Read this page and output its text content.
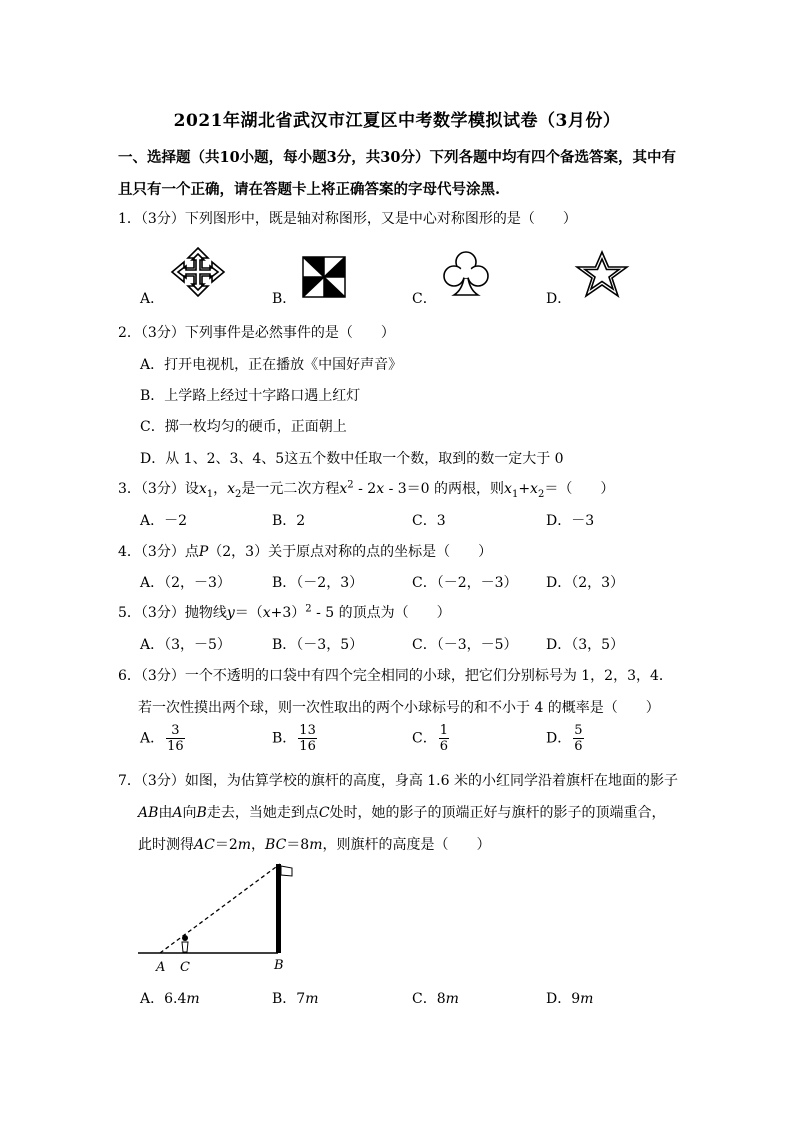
2021年湖北省武汉市江夏区中考数学模拟试卷（3月份）
一、选择题（共10小题，每小题3分，共30分）下列各题中均有四个备选答案，其中有
且只有一个正确，请在答题卡上将正确答案的字母代号涂黑.
1．（3分）下列图形中，既是轴对称图形，又是中心对称图形的是（　　）
A．	B．	C．	D．
2．（3分）下列事件是必然事件的是（　　）
A．打开电视机，正在播放《中国好声音》
B．上学路上经过十字路口遇上红灯
C．掷一枚均匀的硬币，正面朝上
D．从 1、2、3、4、5这五个数中任取一个数，取到的数一定大于 0
3．（3分）设$x_1$，$x_2$是一元二次方程$x^2 - 2x - 3=0$ 的两根，则$x_1+x_2=$（　　）
A．－2	B．2	C．3	D．－3
4．（3分）点P（2，3）关于原点对称的点的坐标是（　　）
A．（2，－3）	B．（－2，3）	C．（－2，－3） D．（2，3）
5．（3分）抛物线$y=(x+3)^2 - 5$ 的顶点为（　　）
A．（3，－5）	B．（－3，5）	C．（－3，－5） D．（3，5）
6．（3分）一个不透明的口袋中有四个完全相同的小球，把它们分别标号为 1，2，3，4．
若一次性摸出两个球，则一次性取出的两个小球标号的和不小于 4 的概率是（　　）
A． $\frac{3}{16}$	B． $\frac{13}{16}$	C． $\frac{1}{6}$	D． $\frac{5}{6}$
7．（3分）如图，为估算学校的旗杆的高度，身高 1.6 米的小红同学沿着旗杆在地面的影子
AB由A向B走去，当她走到点C处时，她的影子的顶端正好与旗杆的影子的顶端重合，
此时测得AC＝2m，BC＝8m，则旗杆的高度是（　　）
A C	B
A．6.4m	B．7m	C．8m	D．9m
